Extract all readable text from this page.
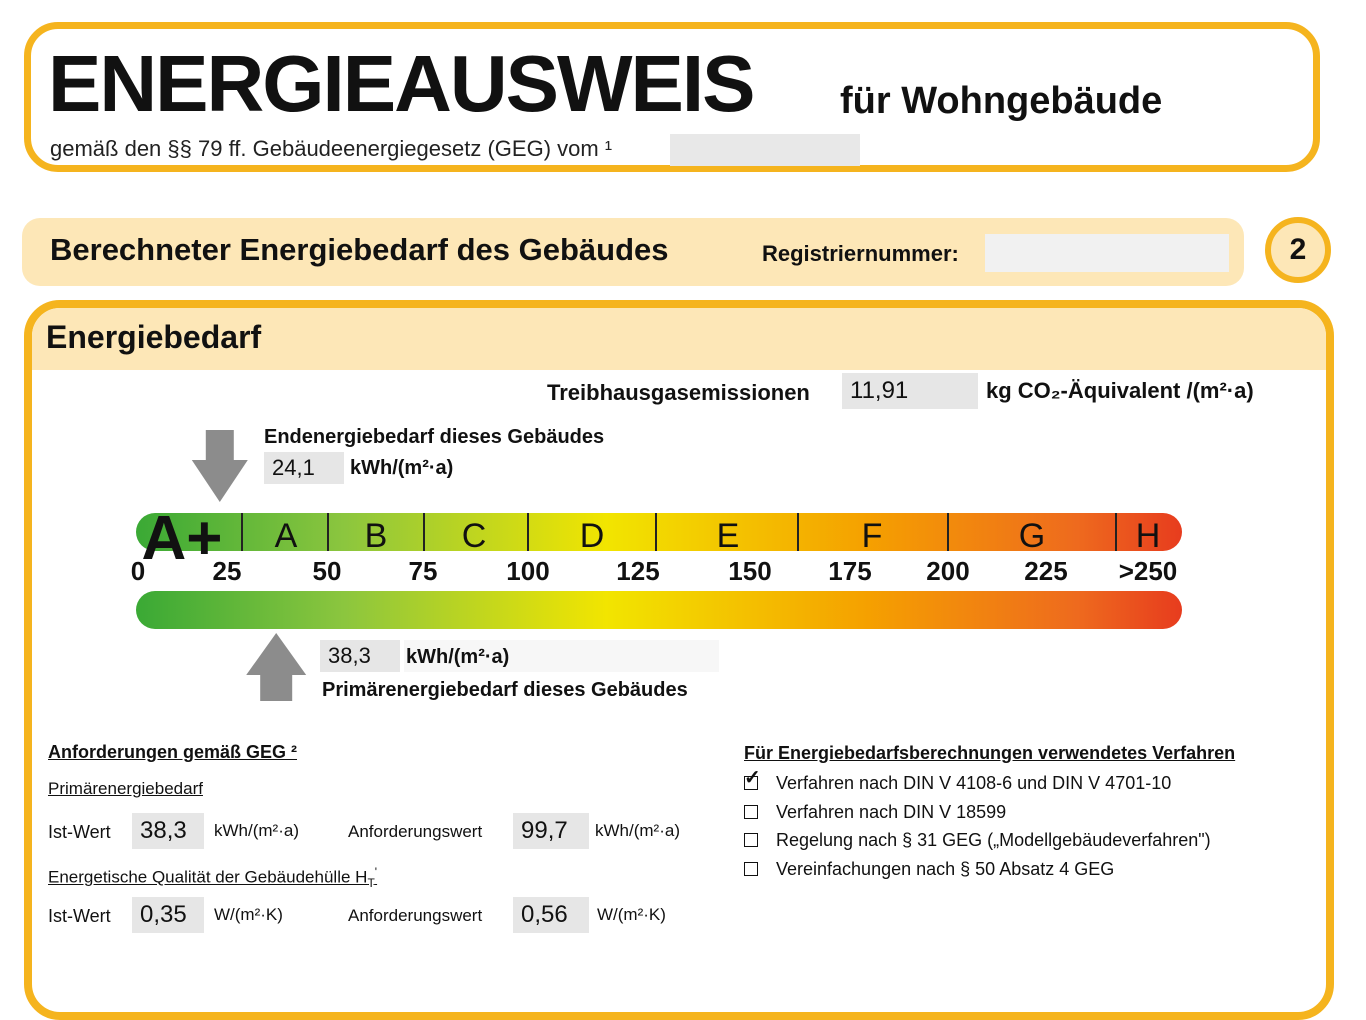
ENERGIEAUSWEIS für Wohngebäude
gemäß den §§ 79 ff. Gebäudeenergiegesetz (GEG) vom ¹
Berechneter Energiebedarf des Gebäudes	Registriernummer:	2
Energiebedarf
Treibhausgasemissionen	11,91	kg CO₂-Äquivalent /(m²·a)
Endenergiebedarf dieses Gebäudes
24,1	kWh/(m²·a)
A+ A B C	D	E	F	G	H
0	25	50	75	100	125	150 175 200 225 >250
38,3	kWh/(m²·a)
Primärenergiebedarf dieses Gebäudes
Anforderungen gemäß GEG ²
Primärenergiebedarf
Ist-Wert	38,3	kWh/(m²·a)	Anforderungswert	99,7	kWh/(m²·a)
Energetische Qualität der Gebäudehülle $H_T'$
Ist-Wert	0,35	W/(m²·K)	Anforderungswert	0,56	W/(m²·K)
Für Energiebedarfsberechnungen verwendetes Verfahren
✓ Verfahren nach DIN V 4108-6 und DIN V 4701-10
Verfahren nach DIN V 18599
Regelung nach § 31 GEG („Modellgebäudeverfahren")
Vereinfachungen nach § 50 Absatz 4 GEG
